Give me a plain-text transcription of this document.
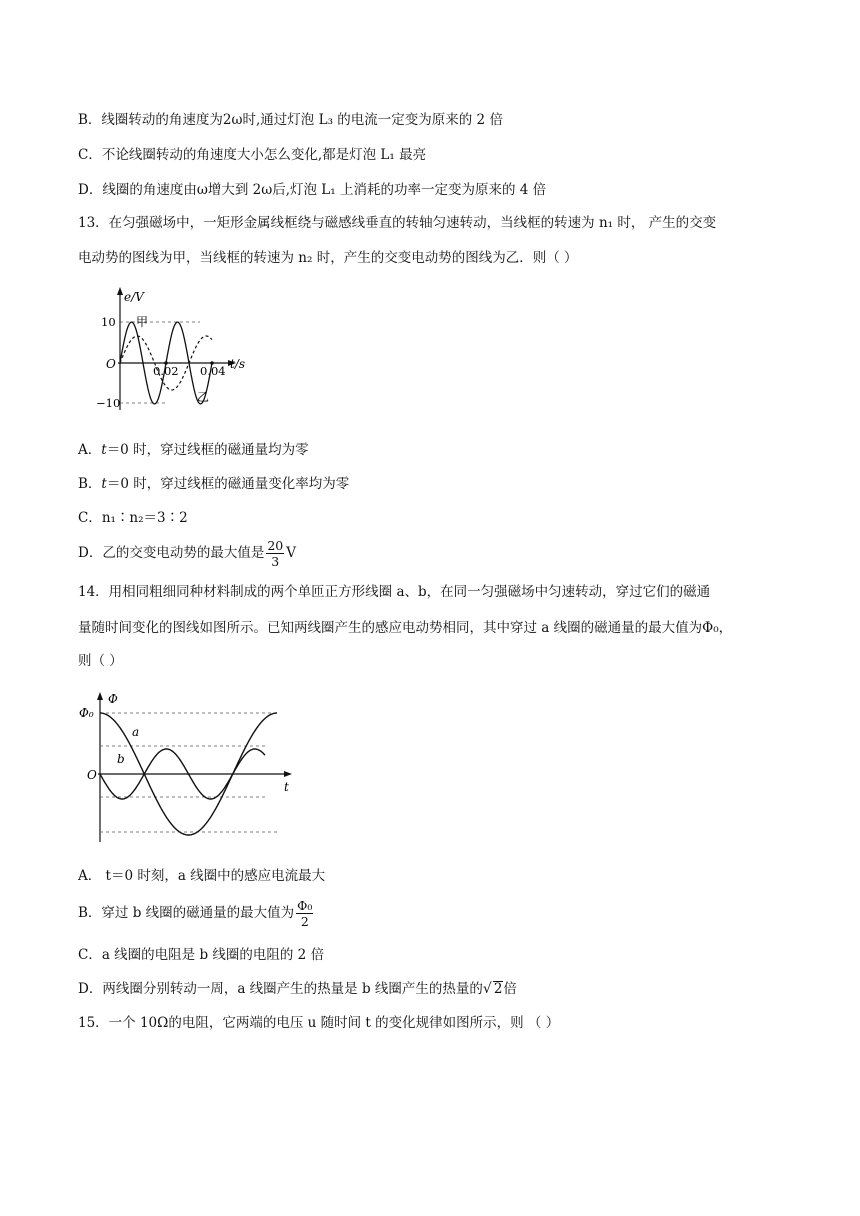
B．线圈转动的角速度为2ω时,通过灯泡 L₃ 的电流一定变为原来的 2 倍
C．不论线圈转动的角速度大小怎么变化,都是灯泡 L₁ 最亮
D．线圈的角速度由ω增大到 2ω后,灯泡 L₁ 上消耗的功率一定变为原来的 4 倍
13．在匀强磁场中，一矩形金属线框绕与磁感线垂直的转轴匀速转动，当线框的转速为 n₁ 时， 产生的交变
电动势的图线为甲，当线框的转速为 n₂ 时，产生的交变电动势的图线为乙．则（ ）
e/V
t/s
O
10
−10
0.02 0.04
甲
乙
A．t＝0 时，穿过线框的磁通量均为零
B．t＝0 时，穿过线框的磁通量变化率均为零
C．n₁∶n₂＝3∶2
D．乙的交变电动势的最大值是 $\frac{20}{3}$ V
14．用相同粗细同种材料制成的两个单匝正方形线圈 a、b，在同一匀强磁场中匀速转动，穿过它们的磁通
量随时间变化的图线如图所示。已知两线圈产生的感应电动势相同，其中穿过 a 线圈的磁通量的最大值为Φ₀，
则（ ）
Φ₀
Φ
t
O
a
b
A． t＝0 时刻，a 线圈中的感应电流最大
B．穿过 b 线圈的磁通量的最大值为 $\frac{\text{Φ₀}}{2}$
C．a 线圈的电阻是 b 线圈的电阻的 2 倍
D．两线圈分别转动一周，a 线圈产生的热量是 b 线圈产生的热量的√ 2倍
15．一个 10Ω的电阻，它两端的电压 u 随时间 t 的变化规律如图所示，则 （ ）
